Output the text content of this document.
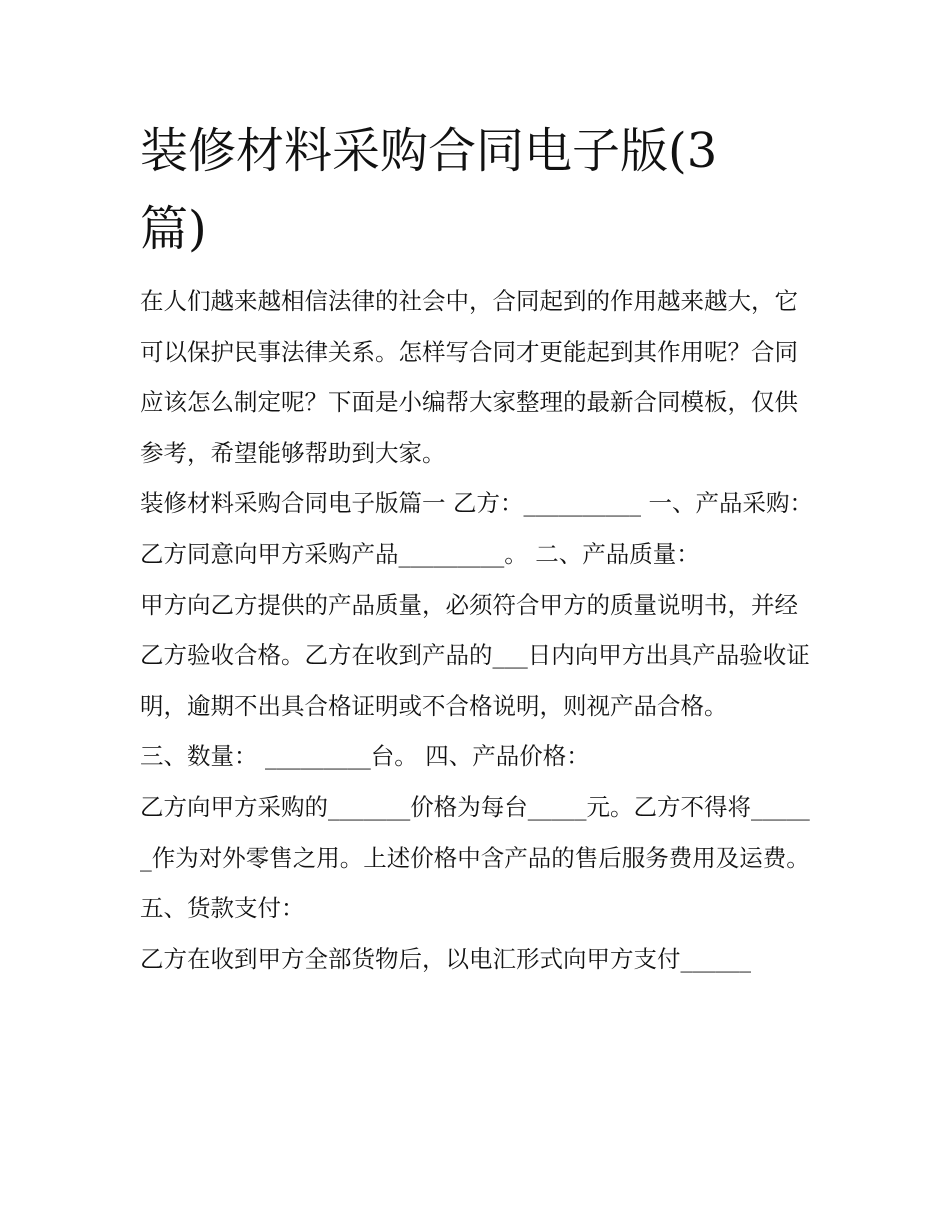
装修材料采购合同电子版(3篇)

在人们越来越相信法律的社会中，合同起到的作用越来越大，它可以保护民事法律关系。怎样写合同才更能起到其作用呢？合同应该怎么制定呢？下面是小编帮大家整理的最新合同模板，仅供参考，希望能够帮助到大家。

装修材料采购合同电子版篇一 乙方：__________ 一、产品采购： 乙方同意向甲方采购产品_________。 二、产品质量：

甲方向乙方提供的产品质量，必须符合甲方的质量说明书，并经乙方验收合格。乙方在收到产品的___日内向甲方出具产品验收证明，逾期不出具合格证明或不合格说明，则视产品合格。

三、数量： _________台。 四、产品价格：

乙方向甲方采购的_______价格为每台_____元。乙方不得将______作为对外零售之用。上述价格中含产品的售后服务费用及运费。

五、货款支付：

乙方在收到甲方全部货物后，以电汇形式向甲方支付______
